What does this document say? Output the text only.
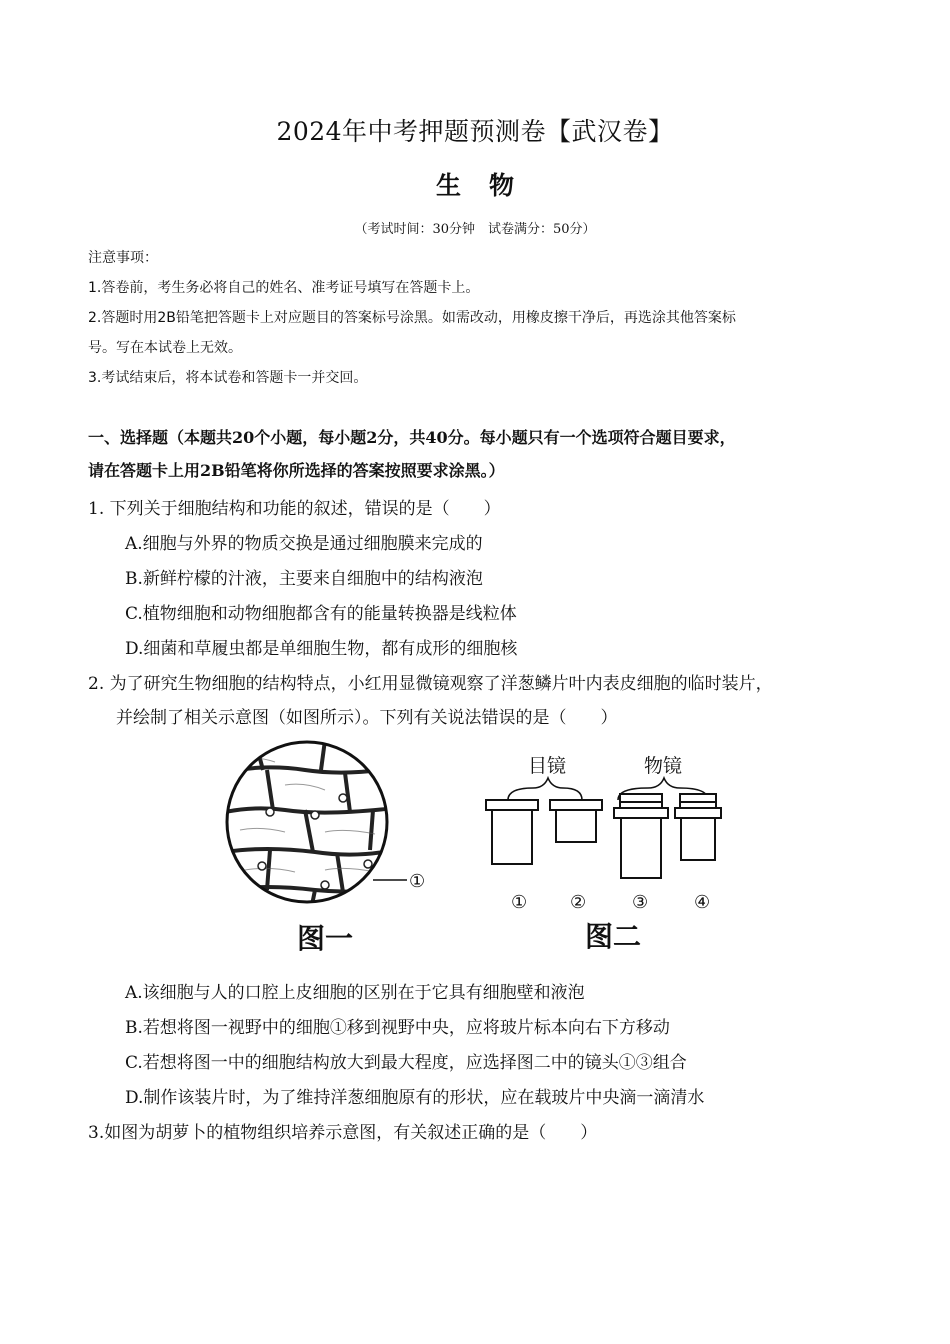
2024年中考押题预测卷【武汉卷】
生物
（考试时间：30分钟　试卷满分：50分）
注意事项：
1.答卷前，考生务必将自己的姓名、准考证号填写在答题卡上。
2.答题时用2B铅笔把答题卡上对应题目的答案标号涂黑。如需改动，用橡皮擦干净后，再选涂其他答案标
号。写在本试卷上无效。
3.考试结束后，将本试卷和答题卡一并交回。
一、选择题（本题共20个小题，每小题2分，共40分。每小题只有一个选项符合题目要求，
请在答题卡上用2B铅笔将你所选择的答案按照要求涂黑。）
1. 下列关于细胞结构和功能的叙述，错误的是（　　）
A.细胞与外界的物质交换是通过细胞膜来完成的
B.新鲜柠檬的汁液，主要来自细胞中的结构液泡
C.植物细胞和动物细胞都含有的能量转换器是线粒体
D.细菌和草履虫都是单细胞生物，都有成形的细胞核
2. 为了研究生物细胞的结构特点，小红用显微镜观察了洋葱鳞片叶内表皮细胞的临时装片，
并绘制了相关示意图（如图所示）。下列有关说法错误的是（　　）
①
图一
目镜	物镜
① ②	③	④
图二
A.该细胞与人的口腔上皮细胞的区别在于它具有细胞壁和液泡
B.若想将图一视野中的细胞①移到视野中央，应将玻片标本向右下方移动
C.若想将图一中的细胞结构放大到最大程度，应选择图二中的镜头①③组合
D.制作该装片时，为了维持洋葱细胞原有的形状，应在载玻片中央滴一滴清水
3.如图为胡萝卜的植物组织培养示意图，有关叙述正确的是（　　）
